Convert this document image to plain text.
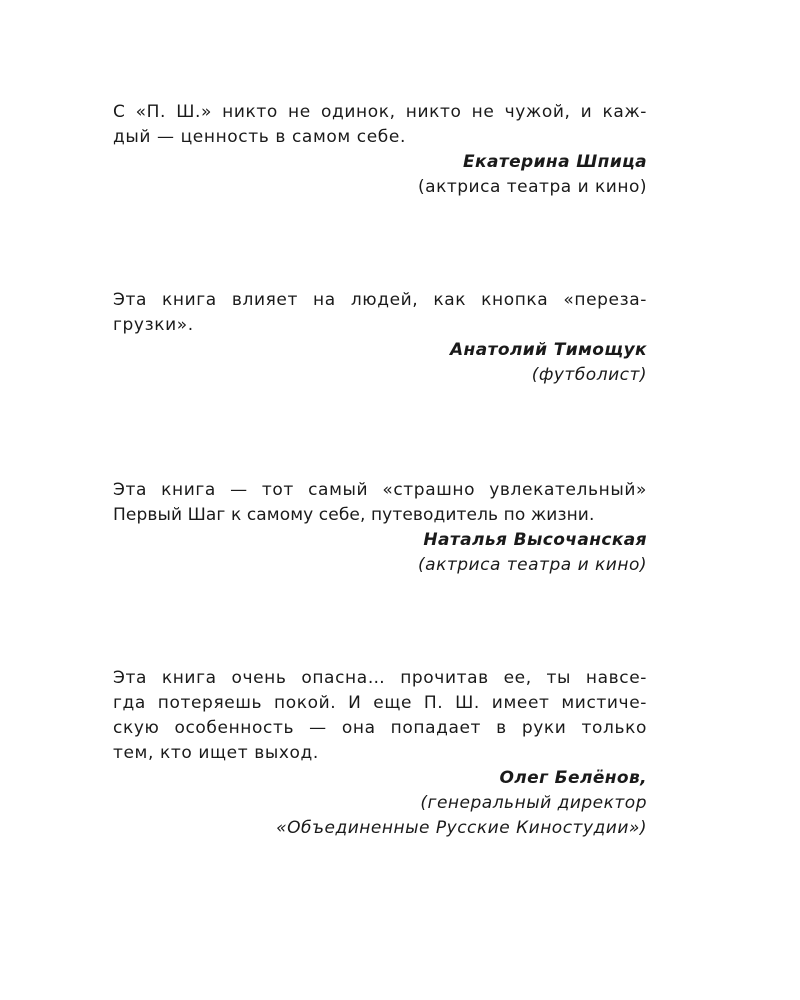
С «П. Ш.» никто не одинок, никто не чужой, и каж-
дый — ценность в самом себе.
Екатерина Шпица
(актриса театра и кино)
Эта книга влияет на людей, как кнопка «переза-
грузки».
Анатолий Тимощук
(футболист)
Эта книга — тот самый «страшно увлекательный»
Первый Шаг к самому себе, путеводитель по жизни.
Наталья Высочанская
(актриса театра и кино)
Эта книга очень опасна… прочитав ее, ты навсе-
гда потеряешь покой. И еще П. Ш. имеет мистиче-
скую особенность — она попадает в руки только
тем, кто ищет выход.
Олег Белёнов,
(генеральный директор
«Объединенные Русские Киностудии»)
